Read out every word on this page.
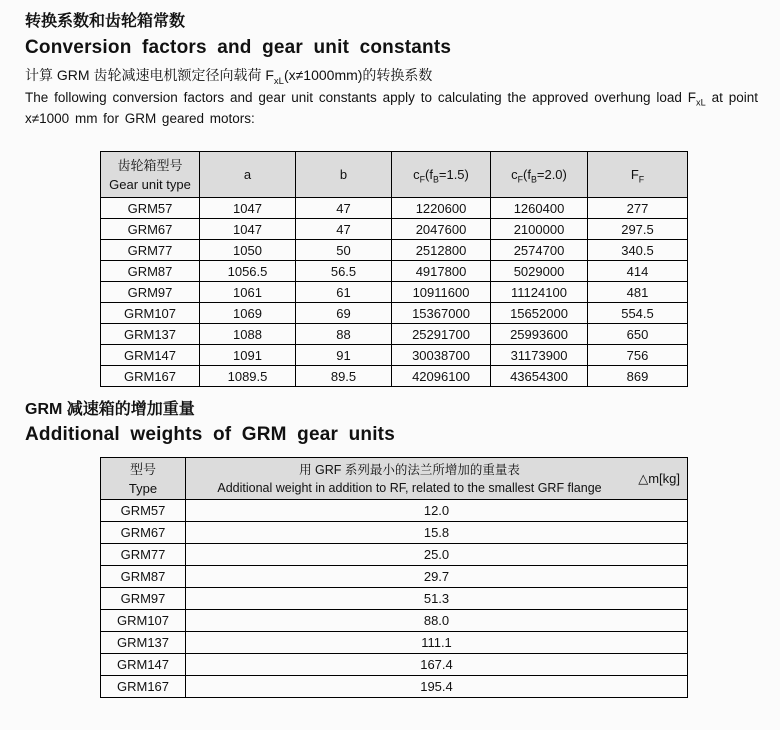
转换系数和齿轮箱常数
Conversion factors and gear unit constants

计算 GRM 齿轮减速电机额定径向载荷 $F_{xL}(x\ne 1000mm)$的转换系数

The following conversion factors and gear unit constants apply to calculating the approved overhung load $F_{xL}$ at point x≠1000 mm for GRM geared motors:

齿轮箱型号
Gear unit type	a	b	$c_F(f_B=1.5)$	$c_F(f_B=2.0)$	$F_F$
GRM57	1047	47	1220600	1260400	277
GRM67	1047	47	2047600	2100000	297.5
GRM77	1050	50	2512800	2574700	340.5
GRM87	1056.5	56.5	4917800	5029000	414
GRM97	1061	61	10911600	11124100	481
GRM107	1069	69	15367000	15652000	554.5
GRM137	1088	88	25291700	25993600	650
GRM147	1091	91	30038700	31173900	756
GRM167	1089.5	89.5	42096100	43654300	869
GRM 减速箱的增加重量
Additional weights of GRM gear units
型号
Type

用 GRF 系列最小的法兰所增加的重量表
Additional weight in addition to RF, related to the smallest GRF flange
△m[kg]

GRM57	12.0
GRM67	15.8
GRM77	25.0
GRM87	29.7
GRM97	51.3
GRM107	88.0
GRM137	111.1
GRM147	167.4
GRM167	195.4
